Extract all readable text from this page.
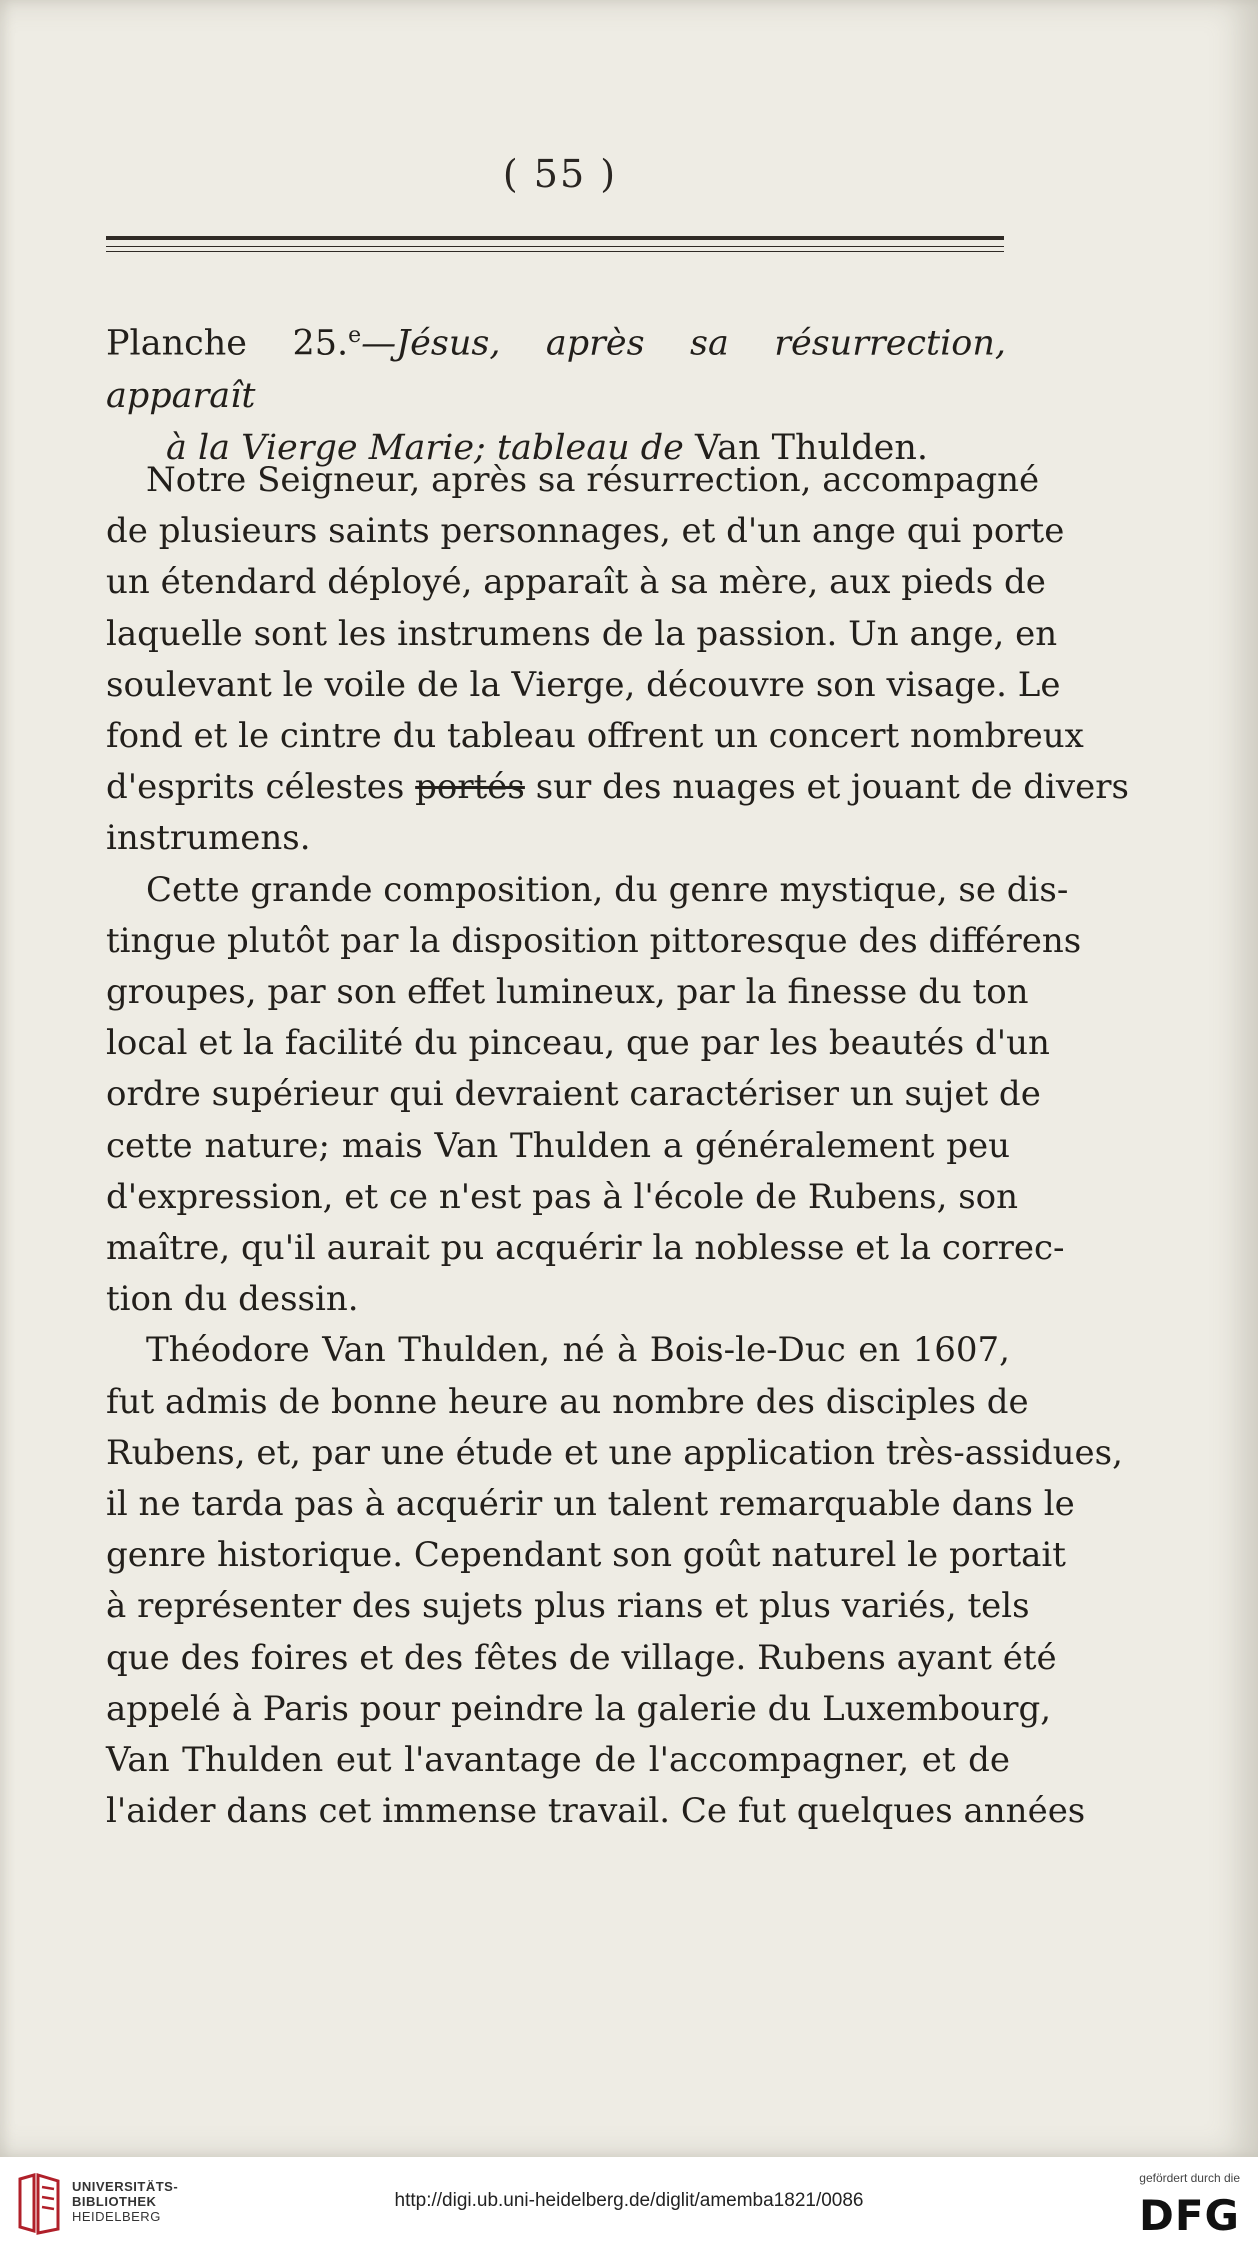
( 55 )
Planche 25.$^e$—Jésus, après sa résurrection, apparaît
à la Vierge Marie; tableau de Van Thulden.
Notre Seigneur, après sa résurrection, accompagné
de plusieurs saints personnages, et d'un ange qui porte
un étendard déployé, apparaît à sa mère, aux pieds de
laquelle sont les instrumens de la passion. Un ange, en
soulevant le voile de la Vierge, découvre son visage. Le
fond et le cintre du tableau offrent un concert nombreux
d'esprits célestes portés sur des nuages et jouant de divers
instrumens.
Cette grande composition, du genre mystique, se dis-
tingue plutôt par la disposition pittoresque des différens
groupes, par son effet lumineux, par la finesse du ton
local et la facilité du pinceau, que par les beautés d'un
ordre supérieur qui devraient caractériser un sujet de
cette nature; mais Van Thulden a généralement peu
d'expression, et ce n'est pas à l'école de Rubens, son
maître, qu'il aurait pu acquérir la noblesse et la correc-
tion du dessin.
Théodore Van Thulden, né à Bois-le-Duc en 1607,
fut admis de bonne heure au nombre des disciples de
Rubens, et, par une étude et une application très-assidues,
il ne tarda pas à acquérir un talent remarquable dans le
genre historique. Cependant son goût naturel le portait
à représenter des sujets plus rians et plus variés, tels
que des foires et des fêtes de village. Rubens ayant été
appelé à Paris pour peindre la galerie du Luxembourg,
Van Thulden eut l'avantage de l'accompagner, et de
l'aider dans cet immense travail. Ce fut quelques années
UNIVERSITÄTS-
BIBLIOTHEK
HEIDELBERG
http://digi.ub.uni-heidelberg.de/diglit/amemba1821/0086
gefördert durch die
DFG
